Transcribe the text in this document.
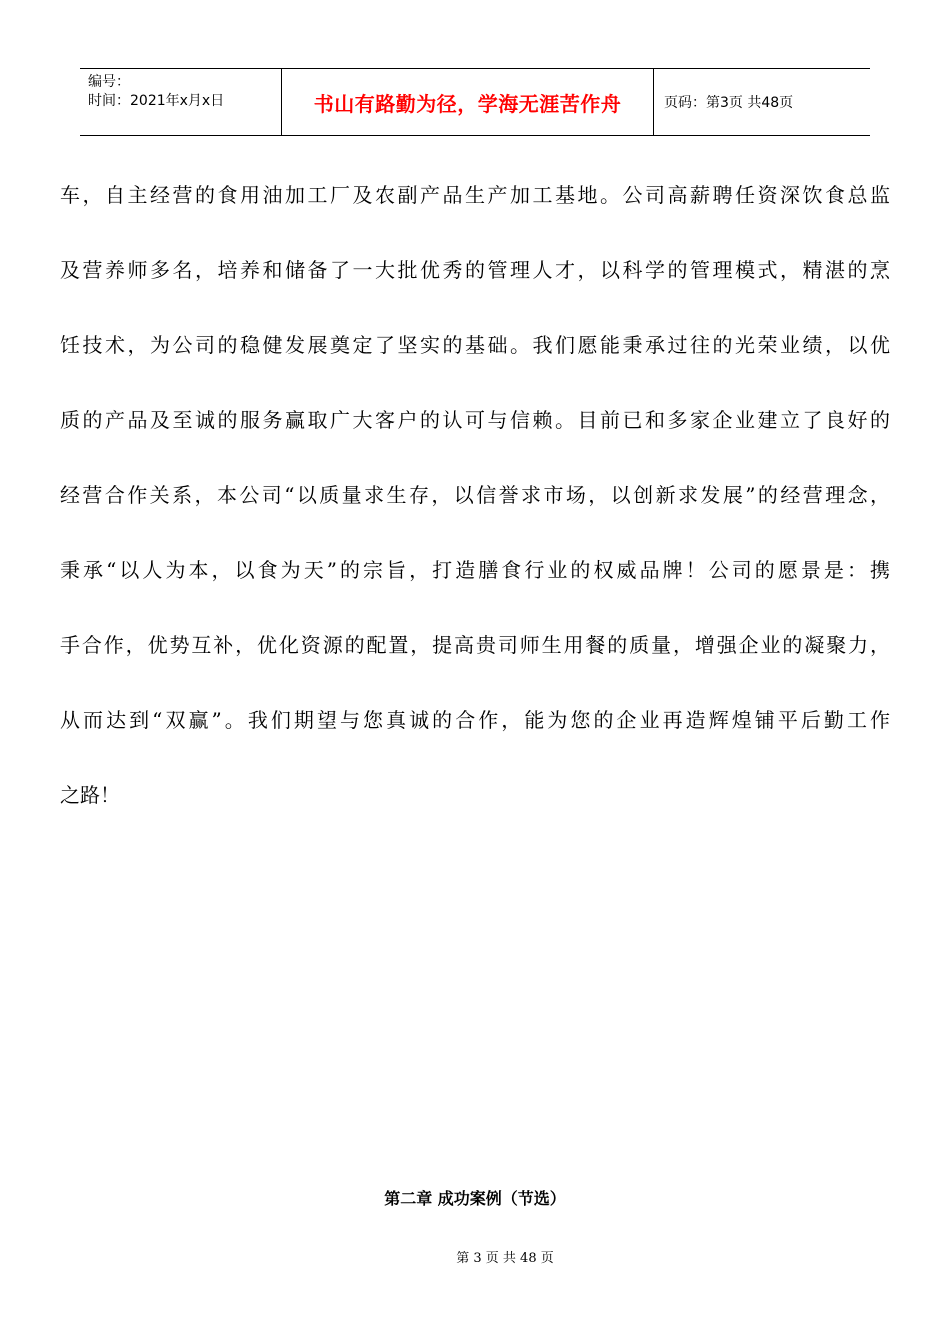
编号：
时间：2021年x月x日	书山有路勤为径，学海无涯苦作舟	页码：第3页 共48页
车，自主经营的食用油加工厂及农副产品生产加工基地。公司高薪聘任资深饮食总监
及营养师多名，培养和储备了一大批优秀的管理人才，以科学的管理模式，精湛的烹
饪技术，为公司的稳健发展奠定了坚实的基础。我们愿能秉承过往的光荣业绩，以优
质的产品及至诚的服务赢取广大客户的认可与信赖。目前已和多家企业建立了良好的
经营合作关系，本公司“以质量求生存，以信誉求市场，以创新求发展”的经营理念，
秉承“以人为本，以食为天”的宗旨，打造膳食行业的权威品牌！公司的愿景是：携
手合作，优势互补，优化资源的配置，提高贵司师生用餐的质量，增强企业的凝聚力，
从而达到“双赢”。我们期望与您真诚的合作，能为您的企业再造辉煌铺平后勤工作
之路！
第二章 成功案例（节选）
第 3 页 共 48 页
